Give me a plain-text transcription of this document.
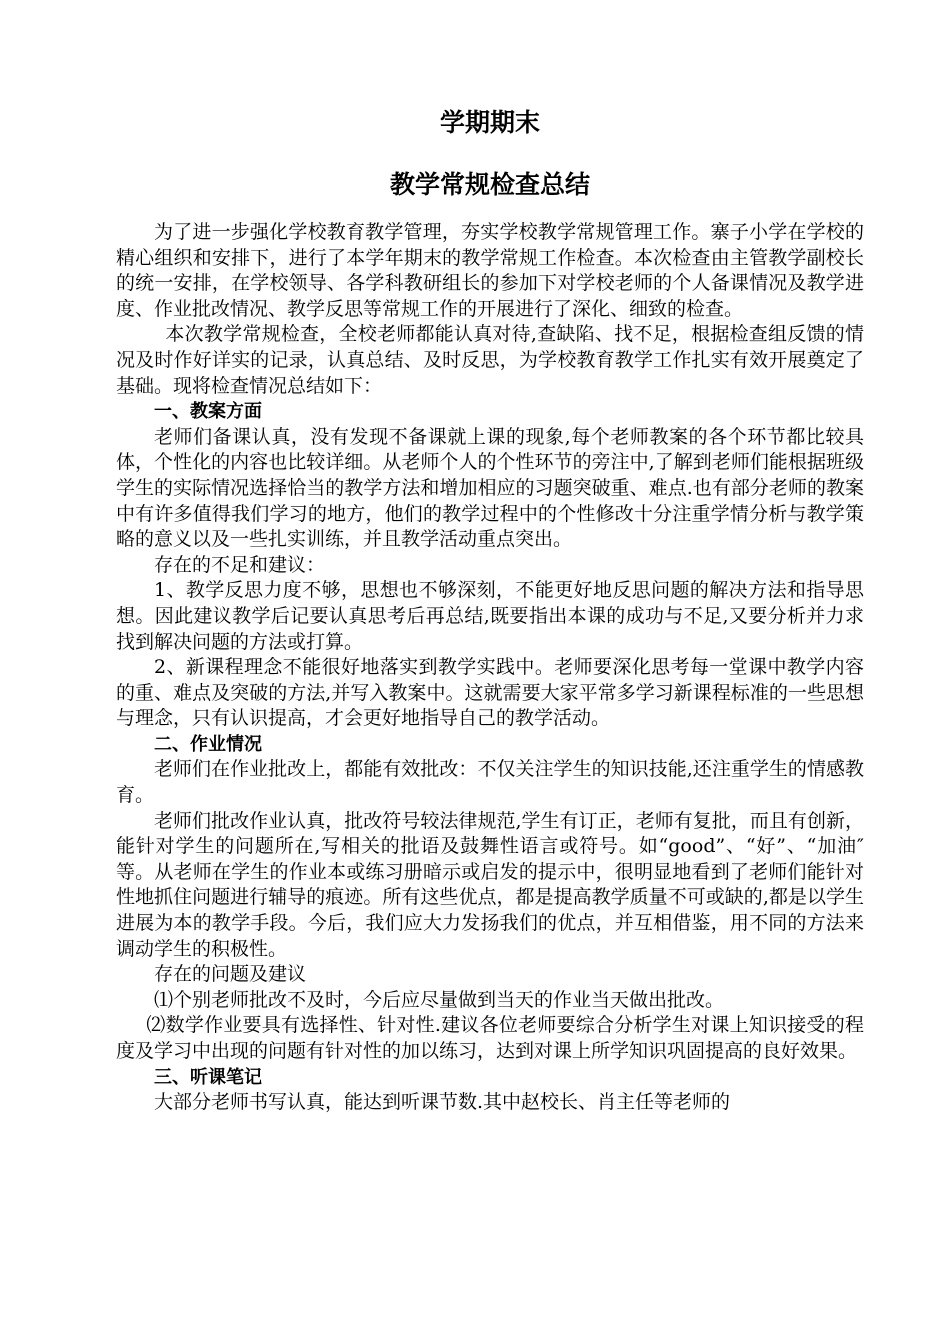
学期期末
教学常规检查总结

为了进一步强化学校教育教学管理，夯实学校教学常规管理工作。寨子小学在学校的精心组织和安排下，进行了本学年期末的教学常规工作检查。本次检查由主管教学副校长的统一安排，在学校领导、各学科教研组长的参加下对学校老师的个人备课情况及教学进度、作业批改情况、教学反思等常规工作的开展进行了深化、细致的检查。

本次教学常规检查，全校老师都能认真对待,查缺陷、找不足，根据检查组反馈的情况及时作好详实的记录，认真总结、及时反思，为学校教育教学工作扎实有效开展奠定了基础。现将检查情况总结如下：

一、教案方面

老师们备课认真，没有发现不备课就上课的现象,每个老师教案的各个环节都比较具体，个性化的内容也比较详细。从老师个人的个性环节的旁注中,了解到老师们能根据班级学生的实际情况选择恰当的教学方法和增加相应的习题突破重、难点.也有部分老师的教案中有许多值得我们学习的地方，他们的教学过程中的个性修改十分注重学情分析与教学策略的意义以及一些扎实训练，并且教学活动重点突出。

存在的不足和建议：

1、教学反思力度不够，思想也不够深刻，不能更好地反思问题的解决方法和指导思想。因此建议教学后记要认真思考后再总结,既要指出本课的成功与不足,又要分析并力求找到解决问题的方法或打算。

2、新课程理念不能很好地落实到教学实践中。老师要深化思考每一堂课中教学内容的重、难点及突破的方法,并写入教案中。这就需要大家平常多学习新课程标准的一些思想与理念，只有认识提高，才会更好地指导自己的教学活动。

二、作业情况

老师们在作业批改上，都能有效批改：不仅关注学生的知识技能,还注重学生的情感教育。

老师们批改作业认真，批改符号较法律规范,学生有订正，老师有复批，而且有创新，能针对学生的问题所在,写相关的批语及鼓舞性语言或符号。如“good”、“好”、“加油″等。从老师在学生的作业本或练习册暗示或启发的提示中，很明显地看到了老师们能针对性地抓住问题进行辅导的痕迹。所有这些优点，都是提高教学质量不可或缺的,都是以学生进展为本的教学手段。今后，我们应大力发扬我们的优点，并互相借鉴，用不同的方法来调动学生的积极性。

存在的问题及建议

⑴个别老师批改不及时，今后应尽量做到当天的作业当天做出批改。

⑵数学作业要具有选择性、针对性.建议各位老师要综合分析学生对课上知识接受的程度及学习中出现的问题有针对性的加以练习，达到对课上所学知识巩固提高的良好效果。

三、听课笔记

大部分老师书写认真，能达到听课节数.其中赵校长、肖主任等老师的
